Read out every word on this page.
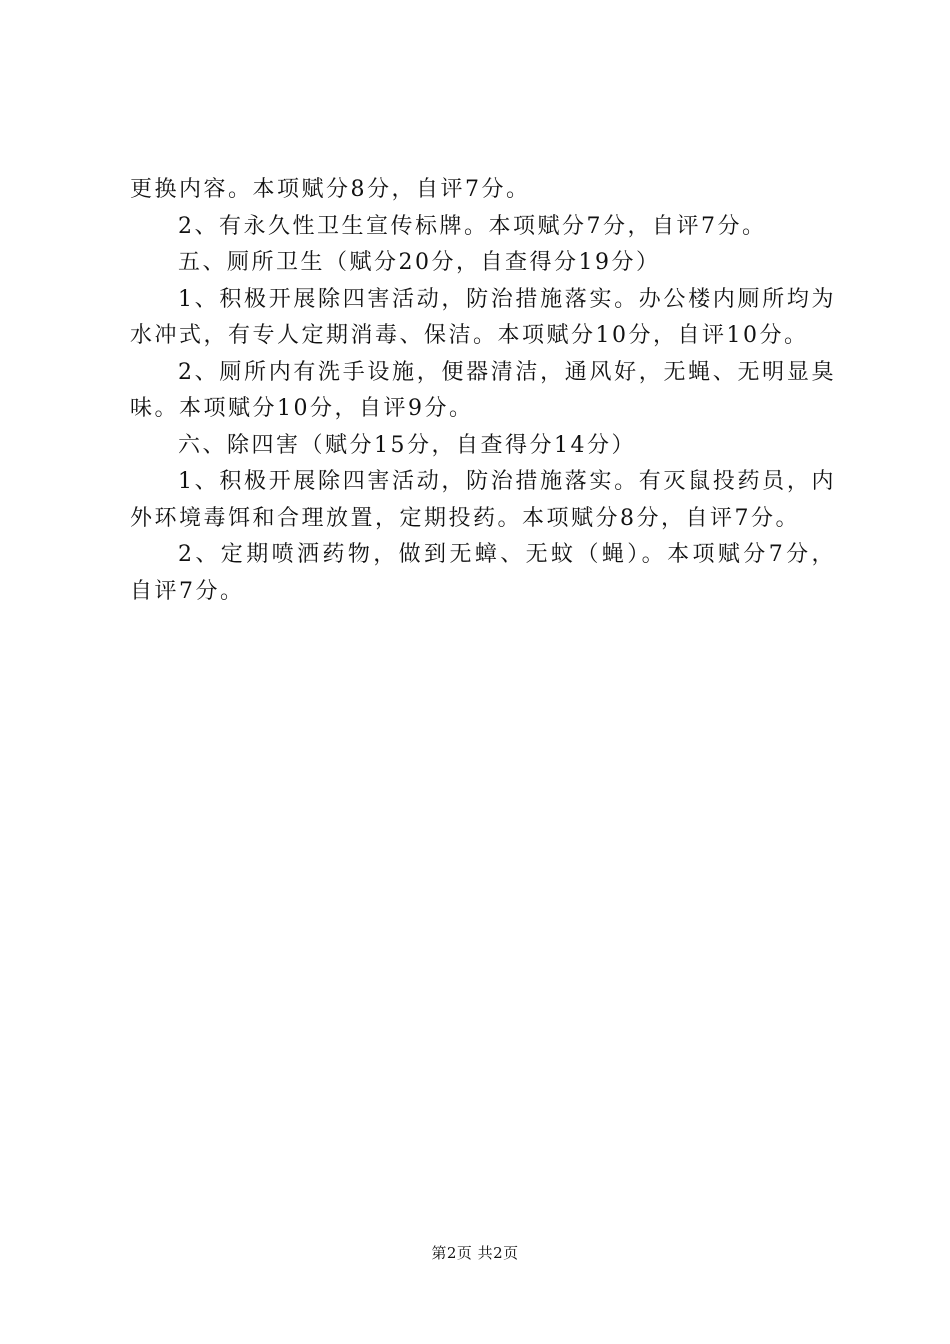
更换内容。本项赋分8分，自评7分。

2、有永久性卫生宣传标牌。本项赋分7分，自评7分。

五、厕所卫生（赋分20分，自查得分19分）

1、积极开展除四害活动，防治措施落实。办公楼内厕所均为水冲式，有专人定期消毒、保洁。本项赋分10分，自评10分。

2、厕所内有洗手设施，便器清洁，通风好，无蝇、无明显臭味。本项赋分10分，自评9分。

六、除四害（赋分15分，自查得分14分）

1、积极开展除四害活动，防治措施落实。有灭鼠投药员，内外环境毒饵和合理放置，定期投药。本项赋分8分，自评7分。

2、定期喷洒药物，做到无蟑、无蚊（蝇）。本项赋分7分，自评7分。

第2页 共2页
